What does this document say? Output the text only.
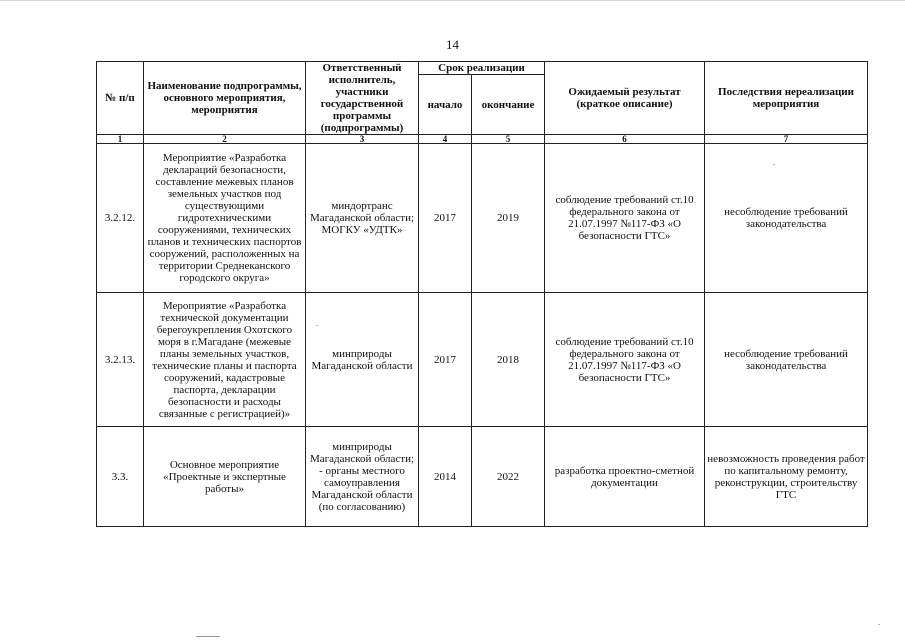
14
№ п/п	Наименование подпрограммы, основного мероприятия, мероприятия	Ответственный исполнитель, участники государственной программы (подпрограммы)	Срок реализации		Ожидаемый результат (краткое описание)	Последствия нереализации мероприятия
			начало	окончание		
1	2	3	4	5	6	7
3.2.12.	Мероприятие «Разработка деклараций безопасности, составление межевых планов земельных участков под существующими гидротехническими сооружениями, технических планов и технических паспортов сооружений, расположенных на территории Среднеканского городского округа»	миндортранс Магаданской области; МОГКУ «УДТК»	2017	2019	соблюдение требований ст.10 федерального закона от 21.07.1997 №117-ФЗ «О безопасности ГТС»	несоблюдение требований законодательства
3.2.13.	Мероприятие «Разработка технической документации берегоукрепления Охотского моря в г.Магадане (межевые планы земельных участков, технические планы и паспорта сооружений, кадастровые паспорта, декларации безопасности и расходы связанные с регистрацией)»	минприроды Магаданской области	2017	2018	соблюдение требований ст.10 федерального закона от 21.07.1997 №117-ФЗ «О безопасности ГТС»	несоблюдение требований законодательства
3.3.	Основное мероприятие «Проектные и экспертные работы»	минприроды Магаданской области; - органы местного самоуправления Магаданской области (по согласованию)	2014	2022	разработка проектно-сметной документации	невозможность проведения работ по капитальному ремонту, реконструкции, строительству ГТС
